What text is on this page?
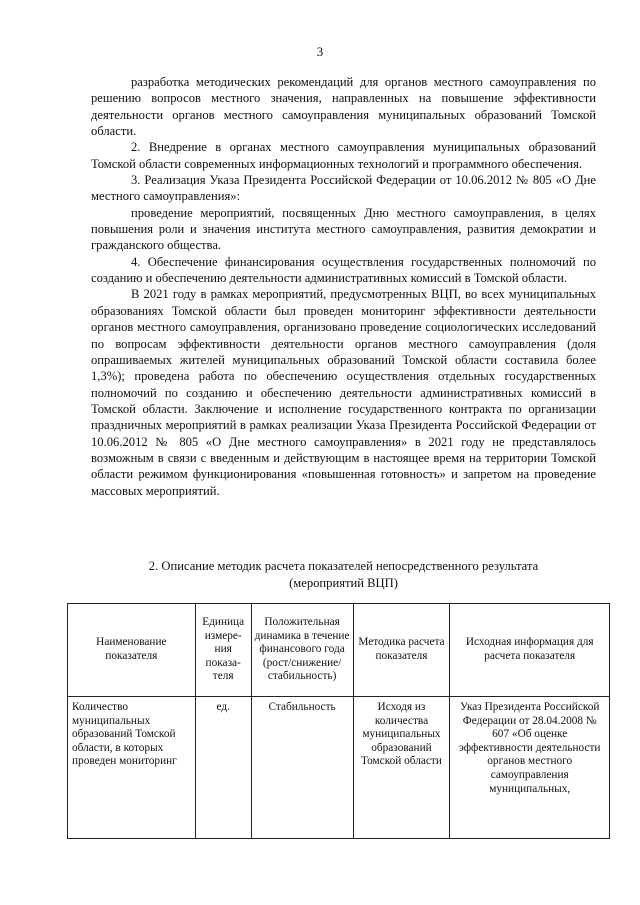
3

разработка методических рекомендаций для органов местного самоуправления по решению вопросов местного значения, направленных на повышение эффективности деятельности органов местного самоуправления муниципальных образований Томской области.

2. Внедрение в органах местного самоуправления муниципальных образований Томской области современных информационных технологий и программного обеспечения.

3. Реализация Указа Президента Российской Федерации от 10.06.2012 № 805 «О Дне местного самоуправления»:

проведение мероприятий, посвященных Дню местного самоуправления, в целях повышения роли и значения института местного самоуправления, развития демократии и гражданского общества.

4. Обеспечение финансирования осуществления государственных полномочий по созданию и обеспечению деятельности административных комиссий в Томской области.

В 2021 году в рамках мероприятий, предусмотренных ВЦП, во всех муниципальных образованиях Томской области был проведен мониторинг эффективности деятельности органов местного самоуправления, организовано проведение социологических исследований по вопросам эффективности деятельности органов местного самоуправления (доля опрашиваемых жителей муниципальных образований Томской области составила более 1,3%); проведена работа по обеспечению осуществления отдельных государственных полномочий по созданию и обеспечению деятельности административных комиссий в Томской области. Заключение и исполнение государственного контракта по организации праздничных мероприятий в рамках реализации Указа Президента Российской Федерации от 10.06.2012 № 805 «О Дне местного самоуправления» в 2021 году не представлялось возможным в связи с введенным и действующим в настоящее время на территории Томской области режимом функционирования «повышенная готовность» и запретом на проведение массовых мероприятий.

2. Описание методик расчета показателей непосредственного результата
(мероприятий ВЦП)
Наименование показателя	Единица измере-ния показа-теля	Положительная динамика в течение финансового года (рост/снижение/ стабильность)	Методика расчета показателя	Исходная информация для расчета показателя
Количество муниципальных образований Томской области, в которых проведен мониторинг	ед.	Стабильность	Исходя из количества муниципальных образований Томской области	Указ Президента Российской Федерации от 28.04.2008 № 607 «Об оценке эффективности деятельности органов местного самоуправления муниципальных,
